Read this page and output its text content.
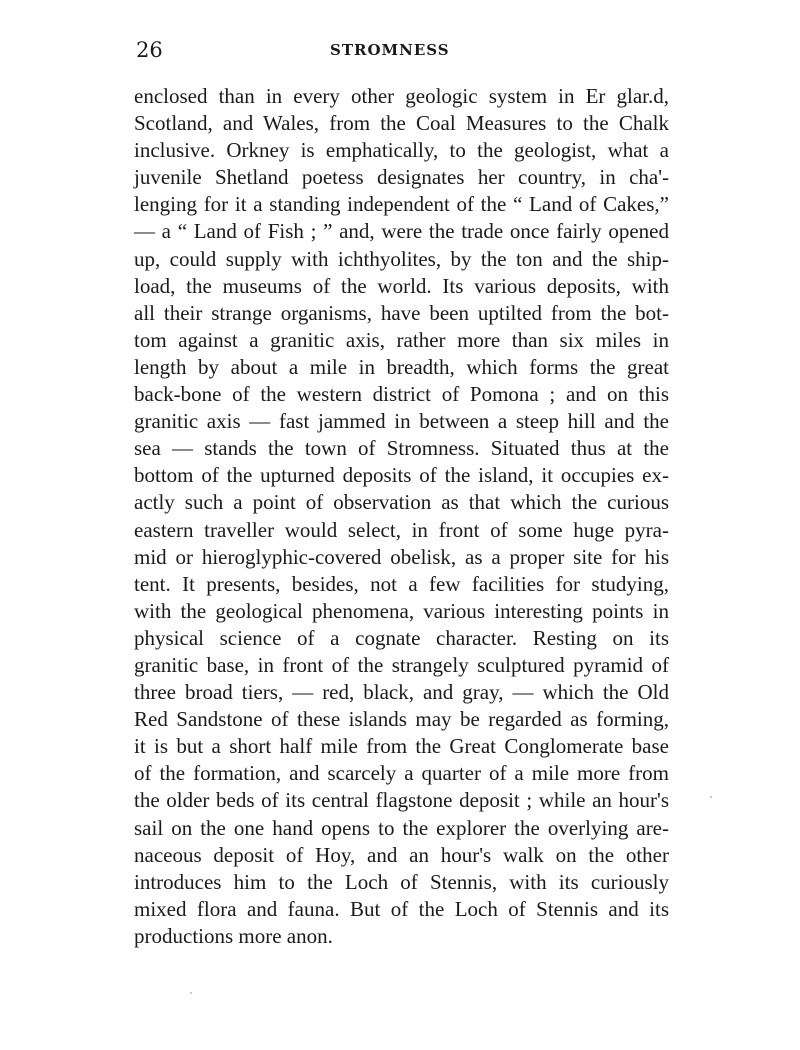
26	STROMNESS
enclosed than in every other geologic system in Er glar.d,
Scotland, and Wales, from the Coal Measures to the Chalk
inclusive. Orkney is emphatically, to the geologist, what a
juvenile Shetland poetess designates her country, in cha'-
lenging for it a standing independent of the “ Land of Cakes,”
— a “ Land of Fish ; ” and, were the trade once fairly opened
up, could supply with ichthyolites, by the ton and the ship-
load, the museums of the world. Its various deposits, with
all their strange organisms, have been uptilted from the bot-
tom against a granitic axis, rather more than six miles in
length by about a mile in breadth, which forms the great
back-bone of the western district of Pomona ; and on this
granitic axis — fast jammed in between a steep hill and the
sea — stands the town of Stromness. Situated thus at the
bottom of the upturned deposits of the island, it occupies ex-
actly such a point of observation as that which the curious
eastern traveller would select, in front of some huge pyra-
mid or hieroglyphic-covered obelisk, as a proper site for his
tent. It presents, besides, not a few facilities for studying,
with the geological phenomena, various interesting points in
physical science of a cognate character. Resting on its
granitic base, in front of the strangely sculptured pyramid of
three broad tiers, — red, black, and gray, — which the Old
Red Sandstone of these islands may be regarded as forming,
it is but a short half mile from the Great Conglomerate base
of the formation, and scarcely a quarter of a mile more from
the older beds of its central flagstone deposit ; while an hour's
sail on the one hand opens to the explorer the overlying are-
naceous deposit of Hoy, and an hour's walk on the other
introduces him to the Loch of Stennis, with its curiously
mixed flora and fauna. But of the Loch of Stennis and its
productions more anon.
